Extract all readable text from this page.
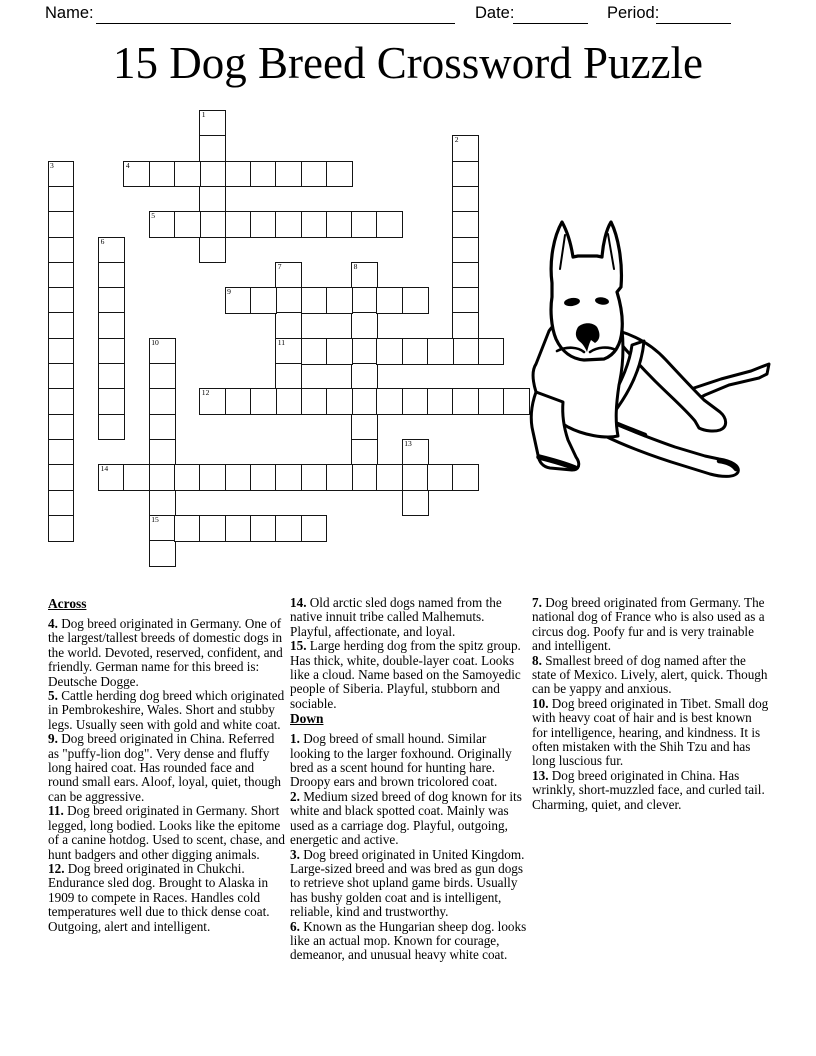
Name:	Date:	Period:
15 Dog Breed Crossword Puzzle
1
2
3	4
5
6
7
11
8
9
10
15
12
13
14
Across

4. Dog breed originated in Germany. One of the largest/tallest breeds of domestic dogs in the world. Devoted, reserved, confident, and friendly. German name for this breed is: Deutsche Dogge.

5. Cattle herding dog breed which originated in Pembrokeshire, Wales. Short and stubby legs. Usually seen with gold and white coat.

9. Dog breed originated in China. Referred as "puffy-lion dog". Very dense and fluffy long haired coat. Has rounded face and round small ears. Aloof, loyal, quiet, though can be aggressive.

11. Dog breed originated in Germany. Short legged, long bodied. Looks like the epitome of a canine hotdog. Used to scent, chase, and hunt badgers and other digging animals.

12. Dog breed originated in Chukchi. Endurance sled dog. Brought to Alaska in 1909 to compete in Races. Handles cold temperatures well due to thick dense coat. Outgoing, alert and intelligent.

14. Old arctic sled dogs named from the native innuit tribe called Malhemuts. Playful, affectionate, and loyal.

15. Large herding dog from the spitz group. Has thick, white, double-layer coat. Looks like a cloud. Name based on the Samoyedic people of Siberia. Playful, stubborn and sociable.

Down

1. Dog breed of small hound. Similar looking to the larger foxhound. Originally bred as a scent hound for hunting hare. Droopy ears and brown tricolored coat.

2. Medium sized breed of dog known for its white and black spotted coat. Mainly was used as a carriage dog. Playful, outgoing, energetic and active.

3. Dog breed originated in United Kingdom. Large-sized breed and was bred as gun dogs to retrieve shot upland game birds. Usually has bushy golden coat and is intelligent, reliable, kind and trustworthy.

6. Known as the Hungarian sheep dog. looks like an actual mop. Known for courage, demeanor, and unusual heavy white coat.

7. Dog breed originated from Germany. The national dog of France who is also used as a circus dog. Poofy fur and is very trainable and intelligent.

8. Smallest breed of dog named after the state of Mexico. Lively, alert, quick. Though can be yappy and anxious.

10. Dog breed originated in Tibet. Small dog with heavy coat of hair and is best known for intelligence, hearing, and kindness. It is often mistaken with the Shih Tzu and has long luscious fur.

13. Dog breed originated in China. Has wrinkly, short-muzzled face, and curled tail. Charming, quiet, and clever.
